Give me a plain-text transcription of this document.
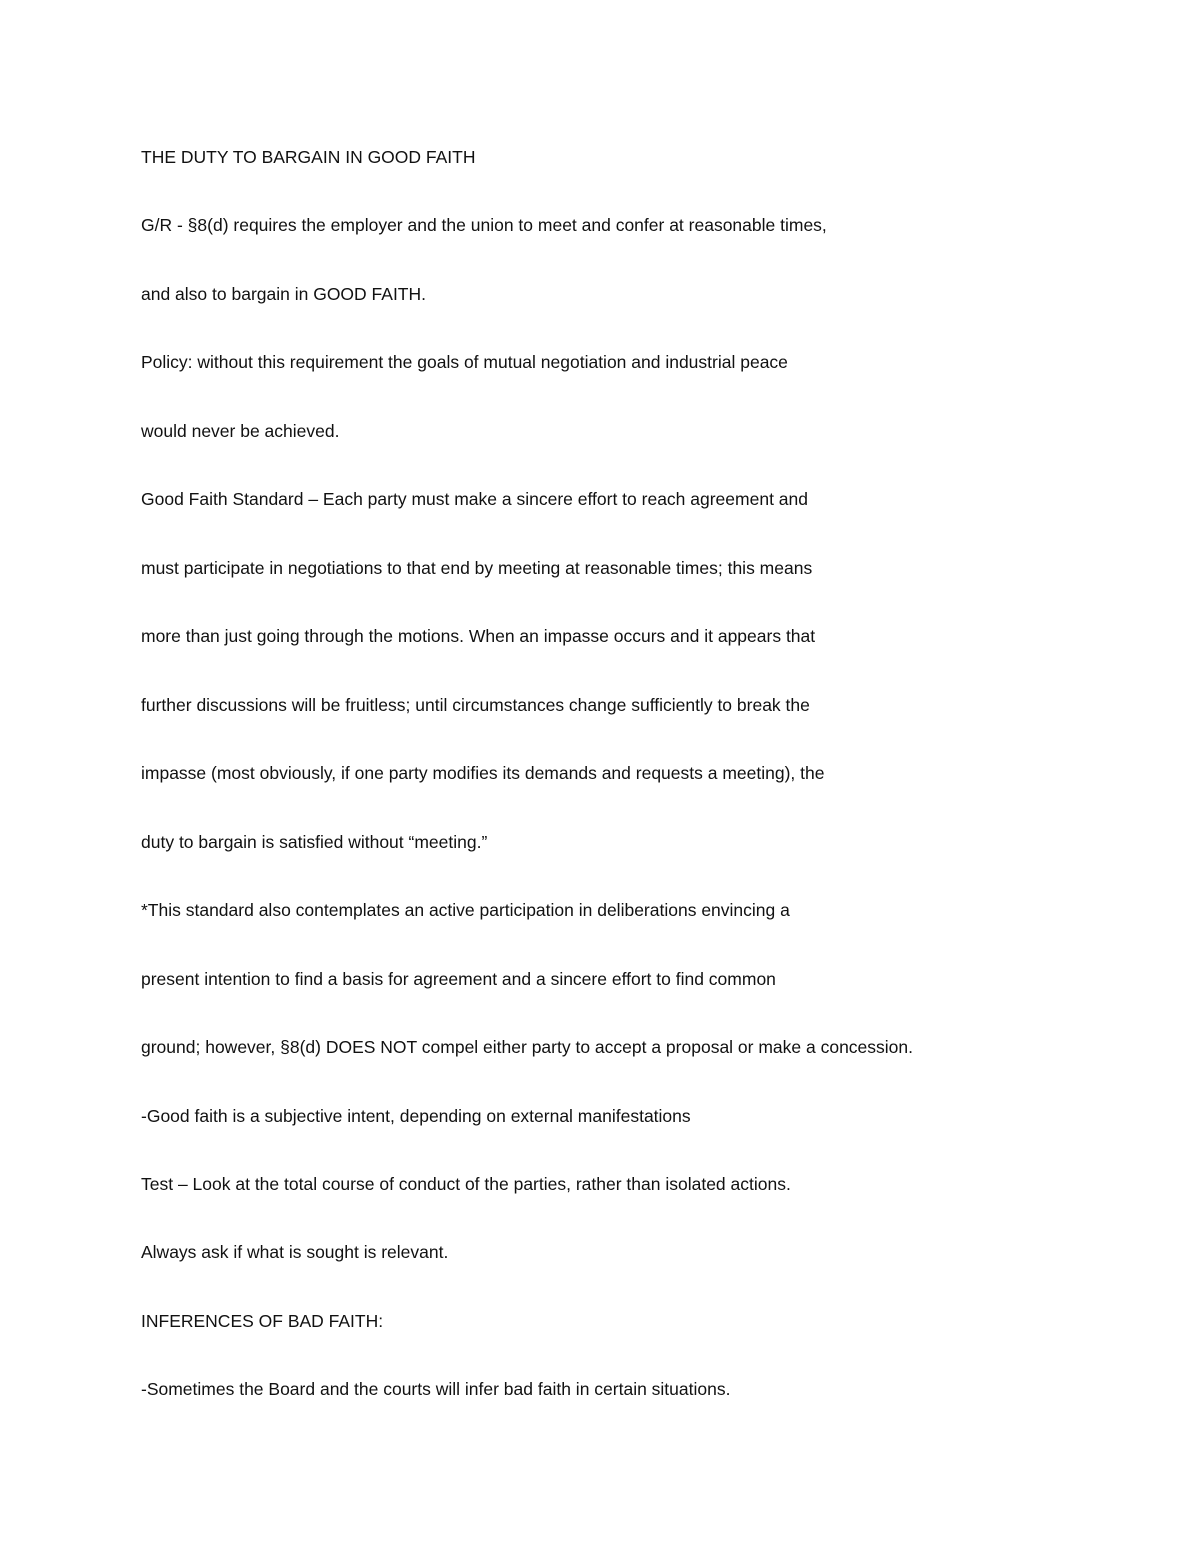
THE DUTY TO BARGAIN IN GOOD FAITH
G/R - §8(d) requires the employer and the union to meet and confer at reasonable times,
and also to bargain in GOOD FAITH.
Policy: without this requirement the goals of mutual negotiation and industrial peace
would never be achieved.
Good Faith Standard – Each party must make a sincere effort to reach agreement and
must participate in negotiations to that end by meeting at reasonable times; this means
more than just going through the motions. When an impasse occurs and it appears that
further discussions will be fruitless; until circumstances change sufficiently to break the
impasse (most obviously, if one party modifies its demands and requests a meeting), the
duty to bargain is satisfied without “meeting.”
*This standard also contemplates an active participation in deliberations envincing a
present intention to find a basis for agreement and a sincere effort to find common
ground; however, §8(d) DOES NOT compel either party to accept a proposal or make a concession.
-Good faith is a subjective intent, depending on external manifestations
Test – Look at the total course of conduct of the parties, rather than isolated actions.
Always ask if what is sought is relevant.
INFERENCES OF BAD FAITH:
-Sometimes the Board and the courts will infer bad faith in certain situations.
